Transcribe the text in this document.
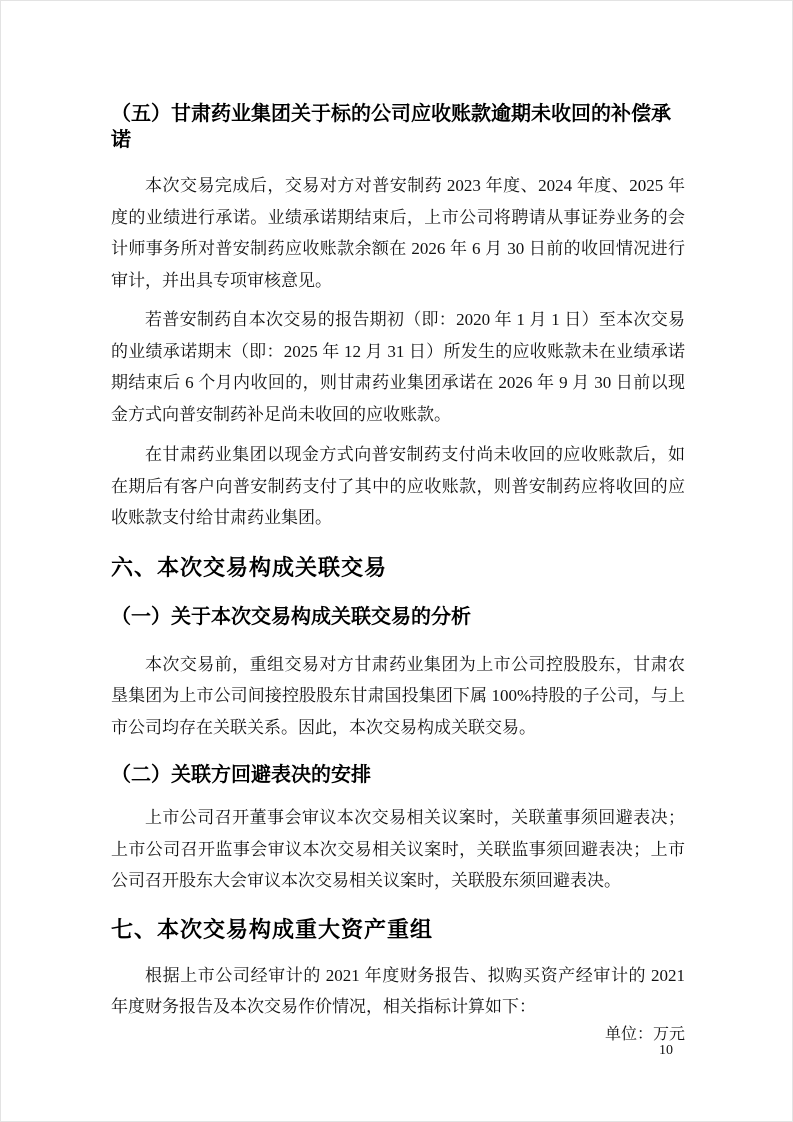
（五）甘肃药业集团关于标的公司应收账款逾期未收回的补偿承诺

本次交易完成后，交易对方对普安制药 2023 年度、2024 年度、2025 年度的业绩进行承诺。业绩承诺期结束后，上市公司将聘请从事证券业务的会计师事务所对普安制药应收账款余额在 2026 年 6 月 30 日前的收回情况进行审计，并出具专项审核意见。

若普安制药自本次交易的报告期初（即：2020 年 1 月 1 日）至本次交易的业绩承诺期末（即：2025 年 12 月 31 日）所发生的应收账款未在业绩承诺期结束后 6 个月内收回的，则甘肃药业集团承诺在 2026 年 9 月 30 日前以现金方式向普安制药补足尚未收回的应收账款。

在甘肃药业集团以现金方式向普安制药支付尚未收回的应收账款后，如在期后有客户向普安制药支付了其中的应收账款，则普安制药应将收回的应收账款支付给甘肃药业集团。

六、本次交易构成关联交易
（一）关于本次交易构成关联交易的分析

本次交易前，重组交易对方甘肃药业集团为上市公司控股股东，甘肃农垦集团为上市公司间接控股股东甘肃国投集团下属 100%持股的子公司，与上市公司均存在关联关系。因此，本次交易构成关联交易。

（二）关联方回避表决的安排

上市公司召开董事会审议本次交易相关议案时，关联董事须回避表决；上市公司召开监事会审议本次交易相关议案时，关联监事须回避表决；上市公司召开股东大会审议本次交易相关议案时，关联股东须回避表决。

七、本次交易构成重大资产重组

根据上市公司经审计的 2021 年度财务报告、拟购买资产经审计的 2021 年度财务报告及本次交易作价情况，相关指标计算如下：

单位：万元
10
